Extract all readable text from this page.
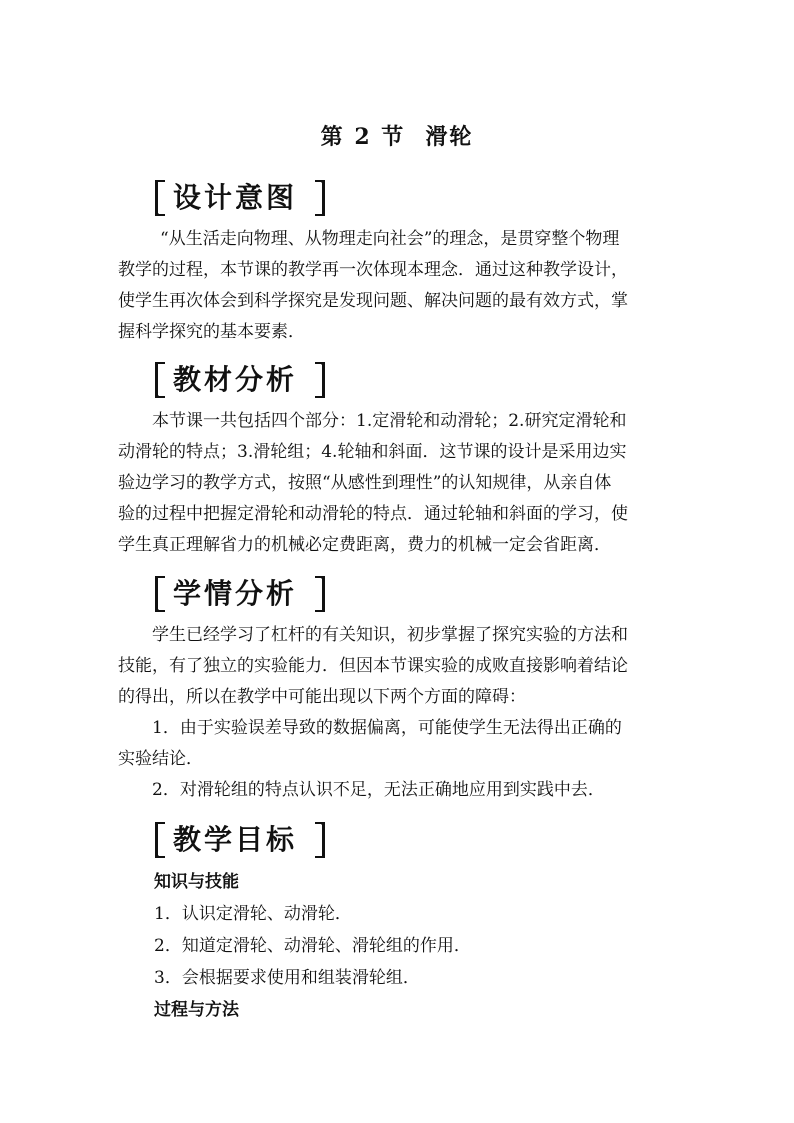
第 2 节 滑轮
设计意图
“从生活走向物理、从物理走向社会”的理念，是贯穿整个物理
教学的过程，本节课的教学再一次体现本理念．通过这种教学设计，
使学生再次体会到科学探究是发现问题、解决问题的最有效方式，掌
握科学探究的基本要素．
教材分析
本节课一共包括四个部分：1.定滑轮和动滑轮；2.研究定滑轮和
动滑轮的特点；3.滑轮组；4.轮轴和斜面．这节课的设计是采用边实
验边学习的教学方式，按照“从感性到理性”的认知规律，从亲自体
验的过程中把握定滑轮和动滑轮的特点．通过轮轴和斜面的学习，使
学生真正理解省力的机械必定费距离，费力的机械一定会省距离．
学情分析
学生已经学习了杠杆的有关知识，初步掌握了探究实验的方法和
技能，有了独立的实验能力．但因本节课实验的成败直接影响着结论
的得出，所以在教学中可能出现以下两个方面的障碍：
1．由于实验误差导致的数据偏离，可能使学生无法得出正确的
实验结论．
2．对滑轮组的特点认识不足，无法正确地应用到实践中去．
教学目标
知识与技能
1．认识定滑轮、动滑轮．
2．知道定滑轮、动滑轮、滑轮组的作用．
3．会根据要求使用和组装滑轮组．
过程与方法
